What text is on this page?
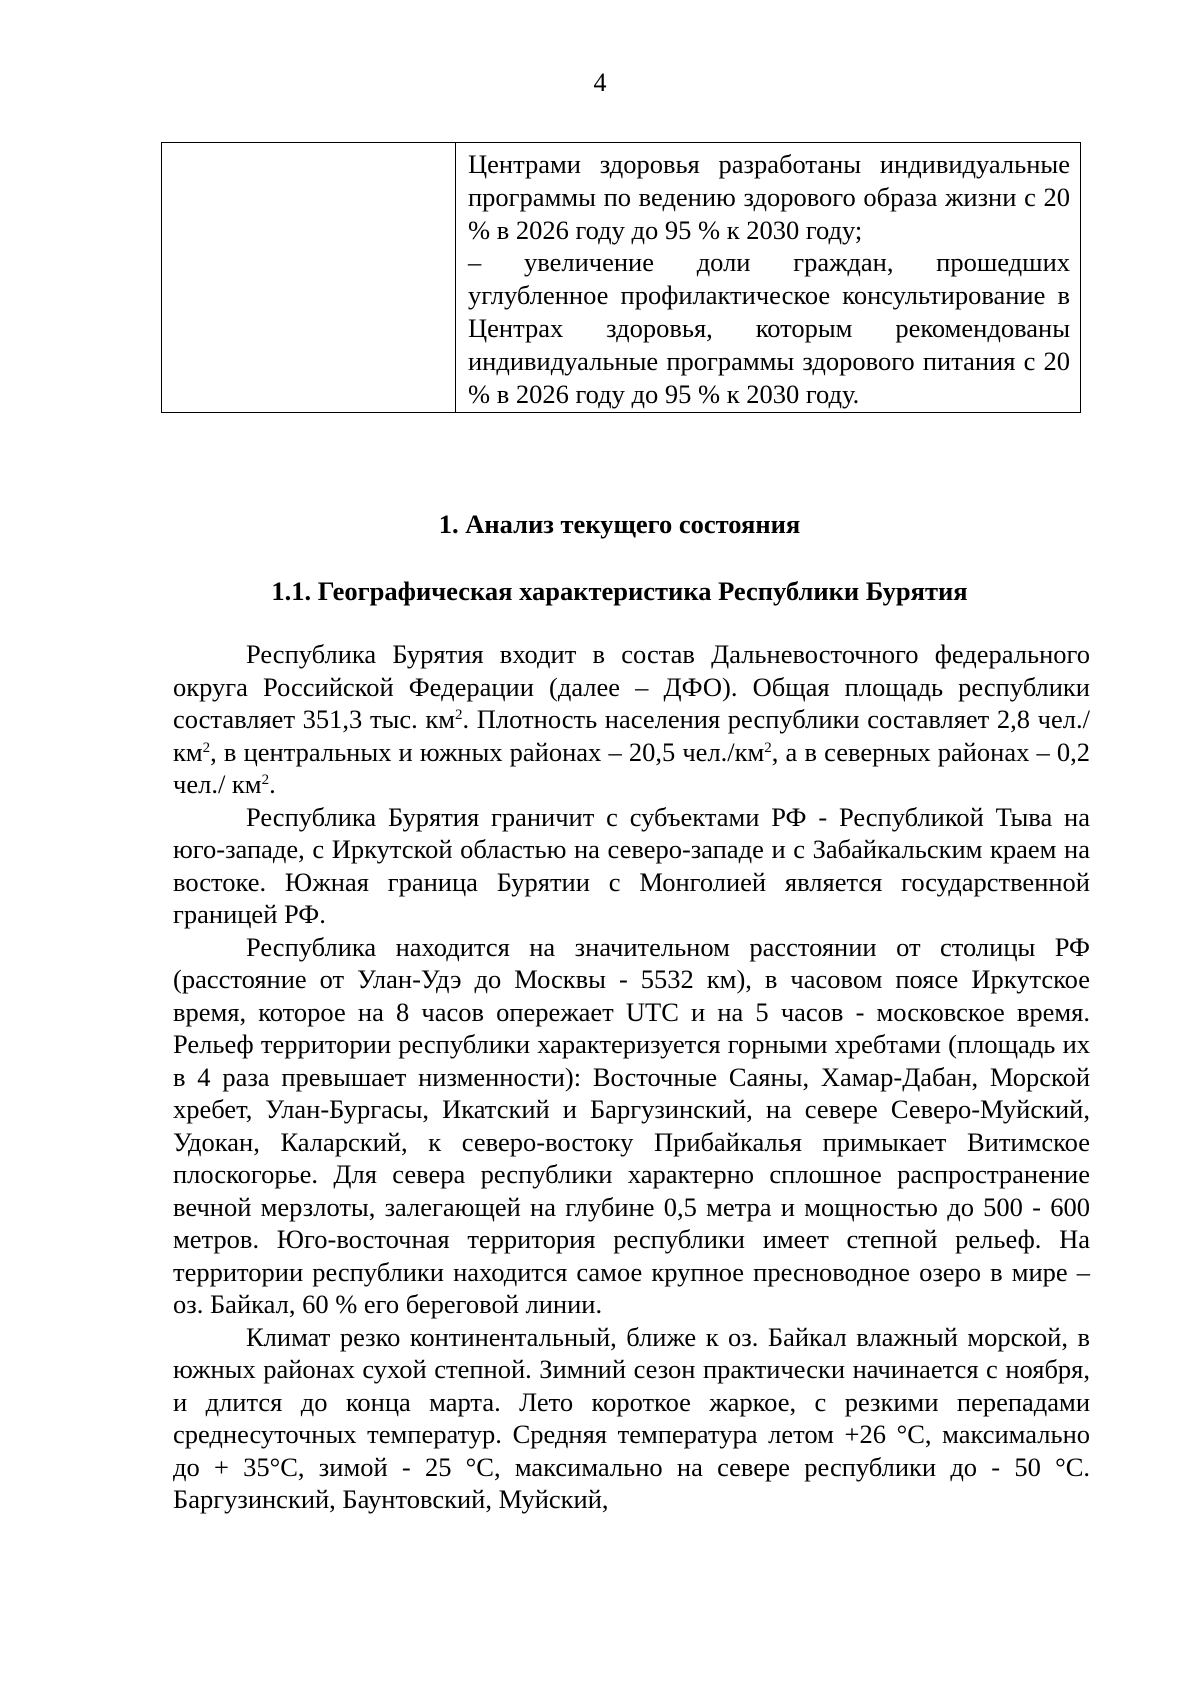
4

Центрами здоровья разработаны индивидуальные программы по ведению здорового образа жизни с 20 % в 2026 году до 95 % к 2030 году;

– увеличение доли граждан, прошедших углубленное профилактическое консультирование в Центрах здоровья, которым рекомендованы индивидуальные программы здорового питания с 20 % в 2026 году до 95 % к 2030 году.

1. Анализ текущего состояния
1.1. Географическая характеристика Республики Бурятия

Республика Бурятия входит в состав Дальневосточного федерального округа Российской Федерации (далее – ДФО). Общая площадь республики составляет 351,3 тыс. $км^2$. Плотность населения республики составляет 2,8 $чел./км^2$, в центральных и южных районах – 20,5 $чел./км^2$, а в северных районах – 0,2 чел./ $км^2$.

Республика Бурятия граничит с субъектами РФ - Республикой Тыва на юго-западе, с Иркутской областью на северо-западе и с Забайкальским краем на востоке. Южная граница Бурятии с Монголией является государственной границей РФ.

Республика находится на значительном расстоянии от столицы РФ (расстояние от Улан-Удэ до Москвы - 5532 км), в часовом поясе Иркутское время, которое на 8 часов опережает UTC и на 5 часов - московское время. Рельеф территории республики характеризуется горными хребтами (площадь их в 4 раза превышает низменности): Восточные Саяны, Хамар-Дабан, Морской хребет, Улан-Бургасы, Икатский и Баргузинский, на севере Северо-Муйский, Удокан, Каларский, к северо-востоку Прибайкалья примыкает Витимское плоскогорье. Для севера республики характерно сплошное распространение вечной мерзлоты, залегающей на глубине 0,5 метра и мощностью до 500 - 600 метров. Юго-восточная территория республики имеет степной рельеф. На территории республики находится самое крупное пресноводное озеро в мире – оз. Байкал, 60 % его береговой линии.

Климат резко континентальный, ближе к оз. Байкал влажный морской, в южных районах сухой степной. Зимний сезон практически начинается с ноября, и длится до конца марта. Лето короткое жаркое, с резкими перепадами среднесуточных температур. Средняя температура летом +26 °С, максимально до + 35°С, зимой - 25 °С, максимально на севере республики до - 50 °С. Баргузинский, Баунтовский, Муйский,
